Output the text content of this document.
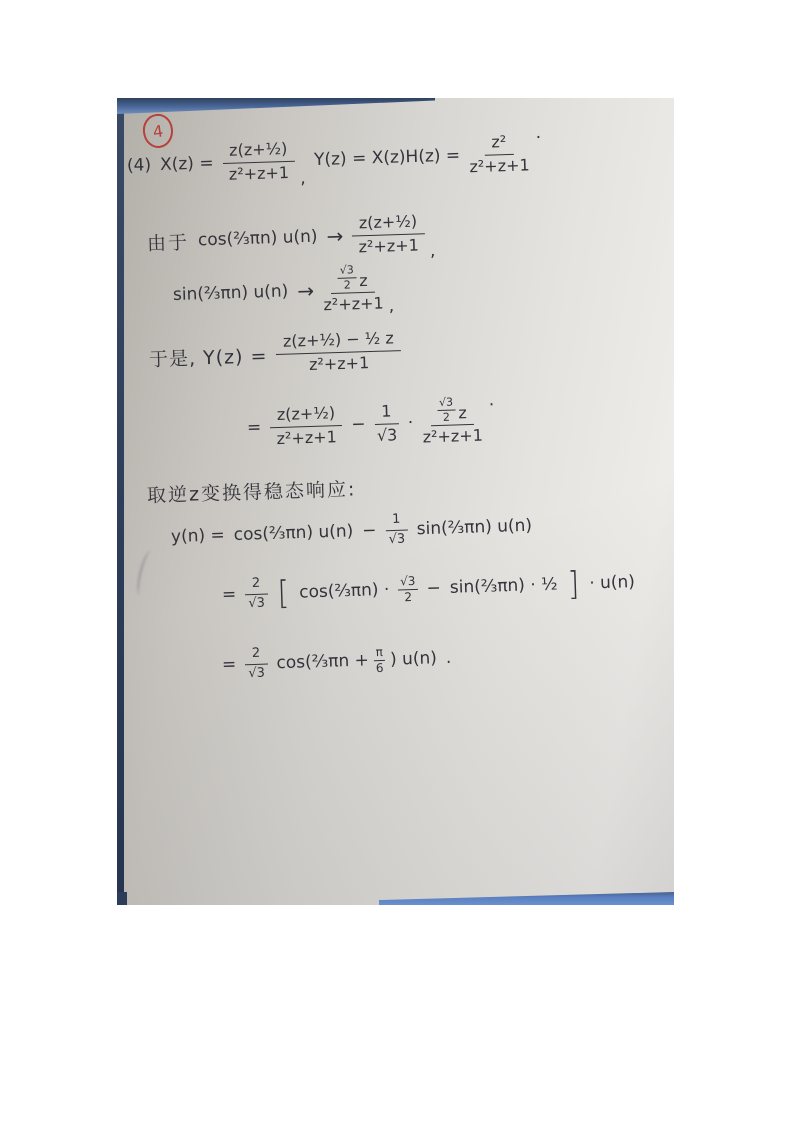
4
(4) $X(z) = \frac{\text{z(z+½)}}{\text{z²+z+1}}$ ,
$Y(z) = X(z)H(z) = \frac{\text{z²}}{\text{z²+z+1}}$ .
由于 cos(⅔πn) $u(n) \to \frac{\text{z(z+½)}}{\text{z²+z+1}}$ ,
sin(⅔πn) u(n) → √3
2 z
z²+z+1 ,
于是, $Y(z) = \frac{\text{z(z+½) − ½ z}}{\text{z²+z+1}}$
= $\frac{\text{z(z+½)}}{\text{z²+z+1}} - \frac{1}{√3} \cdot √3$
2 z
z²+z+1 .
取逆z变换得稳态响应:
y(n) = cos(⅔πn) $u(n) - \frac{1}{√3}$ sin(⅔πn) u(n)
= $\frac{2}{√3}$ [ cos(⅔πn) · √3
2 − sin(⅔πn) · ½ ] · u(n)
= $\frac{2}{√3}$ cos(⅔πn + $\frac{\pi}{6}$ ) u(n) .
